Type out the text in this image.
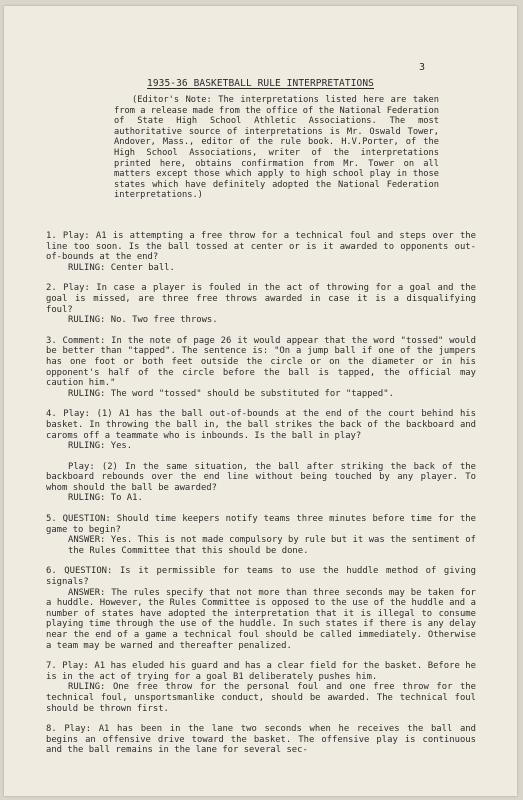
3
1935-36 BASKETBALL RULE INTERPRETATIONS
(Editor's Note: The interpretations listed here are taken from a release made from the office of the National Federation of State High School Athletic Associations. The most authoritative source of interpretations is Mr. Oswald Tower, Andover, Mass., editor of the rule book. H.V.Porter, of the High School Associations, writer of the interpretations printed here, obtains confirmation from Mr. Tower on all matters except those which apply to high school play in those states which have definitely adopted the National Federation interpretations.)

1. Play: A1 is attempting a free throw for a technical foul and steps over the line too soon. Is the ball tossed at center or is it awarded to opponents out-of-bounds at the end?

RULING: Center ball.

2. Play: In case a player is fouled in the act of throwing for a goal and the goal is missed, are three free throws awarded in case it is a disqualifying foul?

RULING: No. Two free throws.

3. Comment: In the note of page 26 it would appear that the word "tossed" would be better than "tapped". The sentence is: "On a jump ball if one of the jumpers has one foot or both feet outside the circle or on the diameter or in his opponent's half of the circle before the ball is tapped, the official may caution him."

RULING: The word "tossed" should be substituted for "tapped".

4. Play: (1) A1 has the ball out-of-bounds at the end of the court behind his basket. In throwing the ball in, the ball strikes the back of the backboard and caroms off a teammate who is inbounds. Is the ball in play?

RULING: Yes.

Play: (2) In the same situation, the ball after striking the back of the backboard rebounds over the end line without being touched by any player. To whom should the ball be awarded?

RULING: To A1.

5. QUESTION: Should time keepers notify teams three minutes before time for the game to begin?

ANSWER: Yes. This is not made compulsory by rule but it was the sentiment of the Rules Committee that this should be done.

6. QUESTION: Is it permissible for teams to use the huddle method of giving signals?

ANSWER: The rules specify that not more than three seconds may be taken for a huddle. However, the Rules Committee is opposed to the use of the huddle and a number of states have adopted the interpretation that it is illegal to consume playing time through the use of the huddle. In such states if there is any delay near the end of a game a technical foul should be called immediately. Otherwise a team may be warned and thereafter penalized.

7. Play: A1 has eluded his guard and has a clear field for the basket. Before he is in the act of trying for a goal B1 deliberately pushes him.

RULING: One free throw for the personal foul and one free throw for the technical foul, unsportsmanlike conduct, should be awarded. The technical foul should be thrown first.

8. Play: A1 has been in the lane two seconds when he receives the ball and begins an offensive drive toward the basket. The offensive play is continuous and the ball remains in the lane for several sec-
